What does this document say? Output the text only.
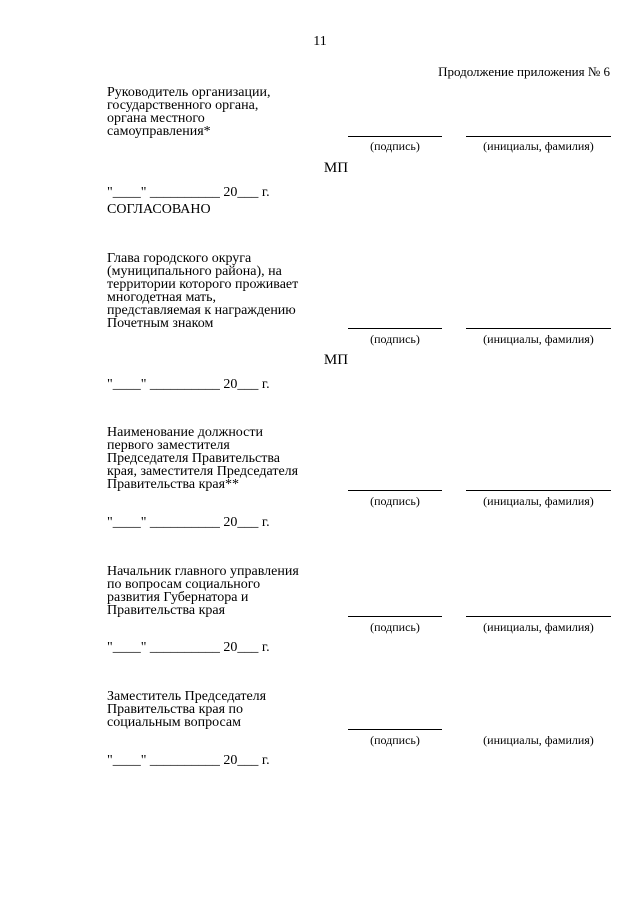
11
Продолжение приложения № 6
Руководитель организации,
государственного органа,
органа местного
самоуправления*
(подпись)	(инициалы, фамилия)
МП
"____" __________ 20___ г.
СОГЛАСОВАНО
Глава городского округа
(муниципального района), на
территории которого проживает
многодетная мать,
представляемая к награждению
Почетным знаком
(подпись)	(инициалы, фамилия)
МП
"____" __________ 20___ г.
Наименование должности
первого заместителя
Председателя Правительства
края, заместителя Председателя
Правительства края**
(подпись)	(инициалы, фамилия)
"____" __________ 20___ г.
Начальник главного управления
по вопросам социального
развития Губернатора и
Правительства края
(подпись)	(инициалы, фамилия)
"____" __________ 20___ г.
Заместитель Председателя
Правительства края по
социальным вопросам
(подпись)	(инициалы, фамилия)
"____" __________ 20___ г.
